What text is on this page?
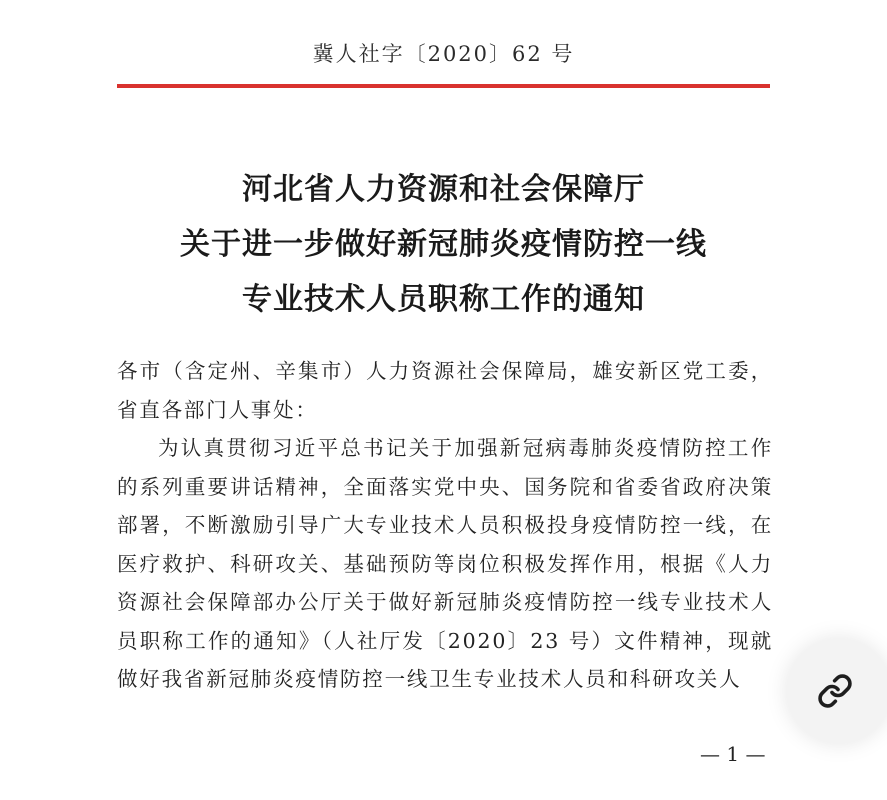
冀人社字〔2020〕62 号
河北省人力资源和社会保障厅
关于进一步做好新冠肺炎疫情防控一线
专业技术人员职称工作的通知

各市（含定州、辛集市）人力资源社会保障局，雄安新区党工委，省直各部门人事处：

为认真贯彻习近平总书记关于加强新冠病毒肺炎疫情防控工作的系列重要讲话精神，全面落实党中央、国务院和省委省政府决策部署，不断激励引导广大专业技术人员积极投身疫情防控一线，在医疗救护、科研攻关、基础预防等岗位积极发挥作用，根据《人力资源社会保障部办公厅关于做好新冠肺炎疫情防控一线专业技术人员职称工作的通知》（人社厅发〔2020〕23 号）文件精神，现就做好我省新冠肺炎疫情防控一线卫生专业技术人员和科研攻关人

— 1 —
